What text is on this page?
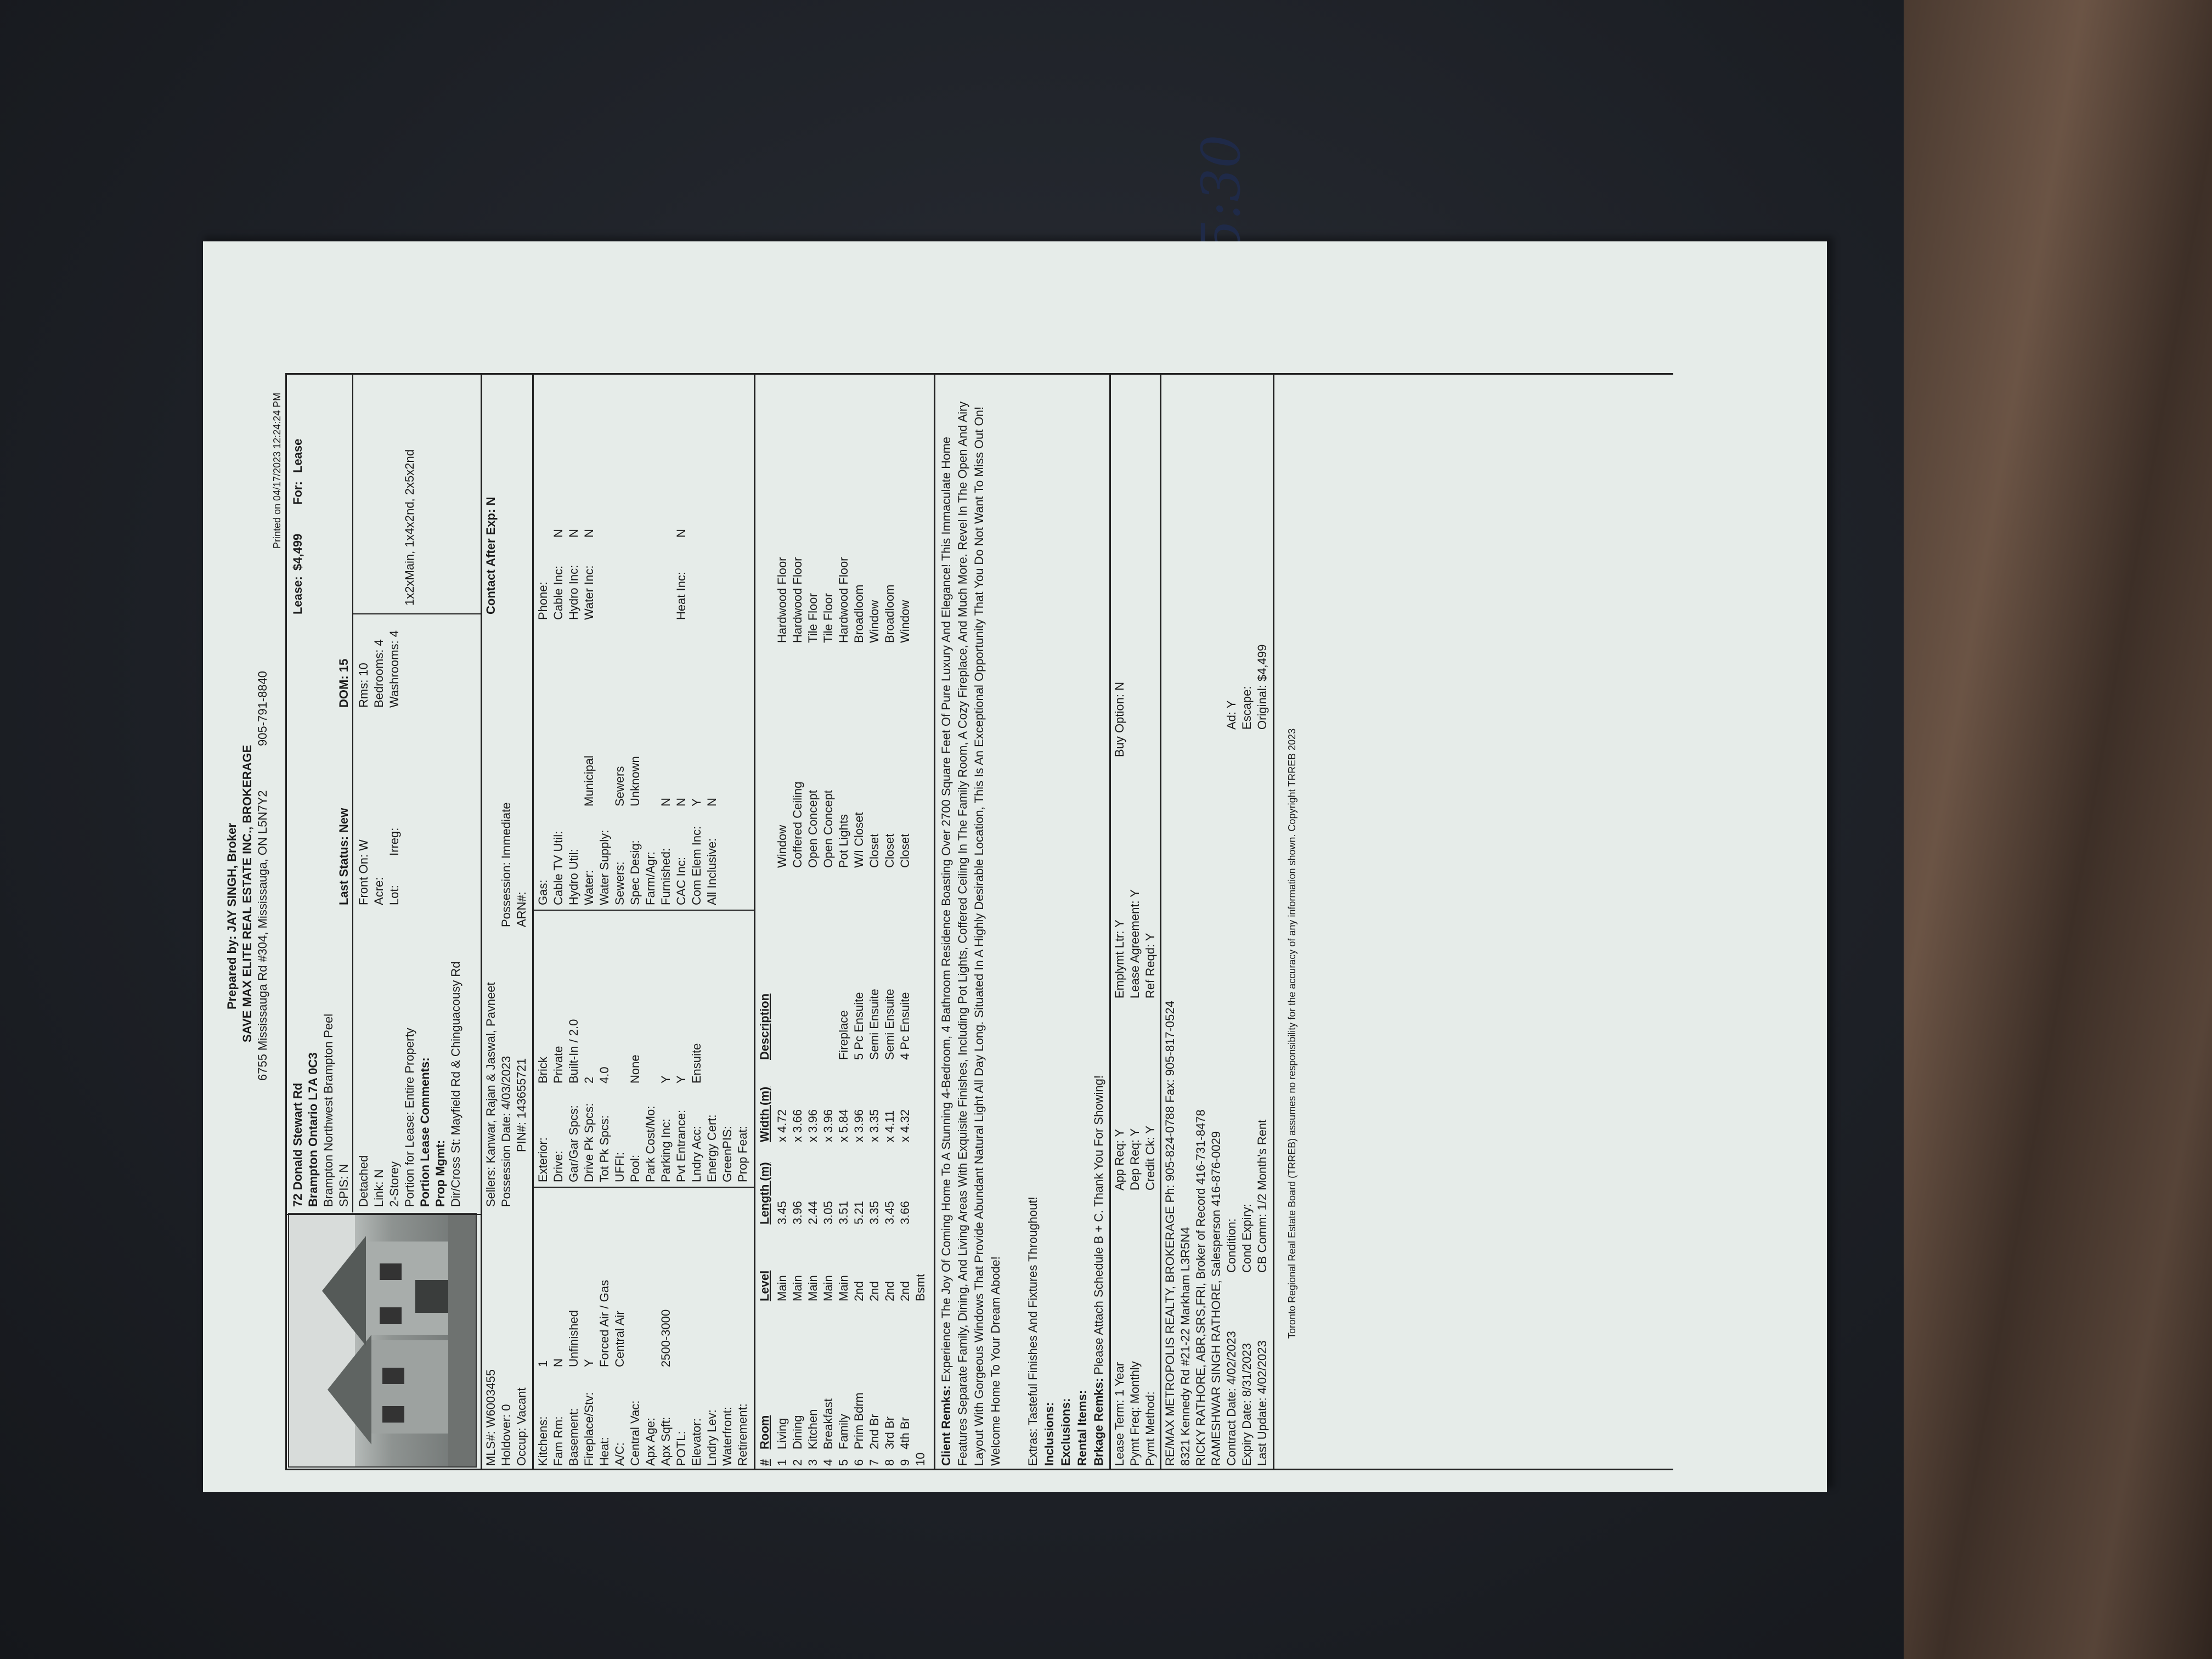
Prepared by: JAY SINGH, Broker SAVE MAX ELITE REAL ESTATE INC., BROKERAGE 6755 Mississauga Rd #304, Mississauga, ON L5N7Y2
905-791-8840
Printed on 04/17/2023 12:24:24 PM
72 Donald Stewart Rd Brampton Ontario L7A 0C3 Brampton Northwest Brampton Peel
Lease:
$4,499
For:
Lease
SPIS: N
Last Status: New
DOM: 15
Detached
Front On: W
Rms: 10
Link: N
Acre:
Bedrooms: 4
2-Storey
Lot:
Irreg:
Washrooms: 4
Portion for Lease: Entire Property
1x2xMain, 1x4x2nd, 2x5x2nd
Portion Lease Comments: Prop Mgmt: Dir/Cross St: Mayfield Rd & Chinguacousy Rd
MLS#: W6003455
Sellers: Kanwar, Rajan & Jaswal, Pavneet
Contact After Exp: N
Holdover: 0
Possession Date: 4/03/2023
Possession: Immediate
Occup: Vacant
PIN#: 143655721
ARN#:
Kitchens:
1
Fam Rm:
N
Basement:
Unfinished
Fireplace/Stv:
Y
Heat:
Forced Air / Gas
A/C:
Central Air
Central Vac: Apx Age: Apx Sqft:
2500-3000
POTL: Elevator: Lndry Lev: Waterfront: Retirement:
Exterior:
Brick
Drive:
Private
Gar/Gar Spcs:
Built-In / 2.0
Drive Pk Spcs:
2
Tot Pk Spcs:
4.0
UFFI: Pool:
None
Park Cost/Mo: Parking Inc:
Y
Pvt Entrance:
Y
Lndry Acc:
Ensuite
Energy Cert: GreenPIS: Prop Feat:
Gas: Cable TV Util: Hydro Util: Water:
Municipal
Water Supply: Sewers:
Sewers
Spec Desig:
Unknown
Farm/Agr: Furnished:
N
CAC Inc:
N
Com Elem Inc:
Y
All Inclusive:
N
Phone: Cable Inc:
N
Hydro Inc:
N
Water Inc:
N
Heat Inc:
N
#
Room
Level
Length (m)
Width (m)
Description
1
Living
Main
3.45
x 4.72
Window
Hardwood Floor
2
Dining
Main
3.96
x 3.66
Coffered Ceiling
Hardwood Floor
3
Kitchen
Main
2.44
x 3.96
Open Concept
Tile Floor
4
Breakfast
Main
3.05
x 3.96
Open Concept
Tile Floor
5
Family
Main
3.51
x 5.84
Fireplace
Pot Lights
Hardwood Floor
6
Prim Bdrm
2nd
5.21
x 3.96
5 Pc Ensuite
W/I Closet
Broadloom
7
2nd Br
2nd
3.35
x 3.35
Semi Ensuite
Closet
Window
8
3rd Br
2nd
3.45
x 4.11
Semi Ensuite
Closet
Broadloom
9
4th Br
2nd
3.66
x 4.32
4 Pc Ensuite
Closet
Window
10
Bsmt
Client Remks: Experience The Joy Of Coming Home To A Stunning 4-Bedroom, 4 Bathroom Residence Boasting Over 2700 Square Feet Of Pure Luxury And Elegance! This Immaculate Home Features Separate Family, Dining, And Living Areas With Exquisite Finishes, Including Pot Lights, Coffered Ceiling In The Family Room, A Cozy Fireplace, And Much More. Revel In The Open And Airy Layout With Gorgeous Windows That Provide Abundant Natural Light All Day Long. Situated In A Highly Desirable Location, This Is An Exceptional Opportunity That You Do Not Want To Miss Out On! Welcome Home To Your Dream Abode! Extras: Tasteful Finishes And Fixtures Throughout! Inclusions: Exclusions: Rental Items: Brkage Remks: Please Attach Schedule B + C. Thank You For Showing!
Lease Term: 1 Year
App Req: Y
Emplymt Ltr: Y
Buy Option: N
Pymt Freq: Monthly
Dep Req: Y
Lease Agreement: Y
Pymt Method:
Credit Ck: Y
Ref Reqd: Y
RE/MAX METROPOLIS REALTY, BROKERAGE Ph: 905-824-0788 Fax: 905-817-0524 8321 Kennedy Rd #21-22 Markham L3R5N4 RICKY RATHORE, ABR,SRS,FRI, Broker of Record 416-731-8478 RAMESHWAR SINGH RATHORE, Salesperson 416-876-0029 Contract Date: 4/02/2023
Condition:
Ad: Y
Expiry Date: 8/31/2023
Cond Expiry:
Escape:
Last Update: 4/02/2023
CB Comm: 1/2 Month's Rent
Original: $4,499
Toronto Regional Real Estate Board (TRREB) assumes no responsibility for the accuracy of any information shown. Copyright TRREB 2023
